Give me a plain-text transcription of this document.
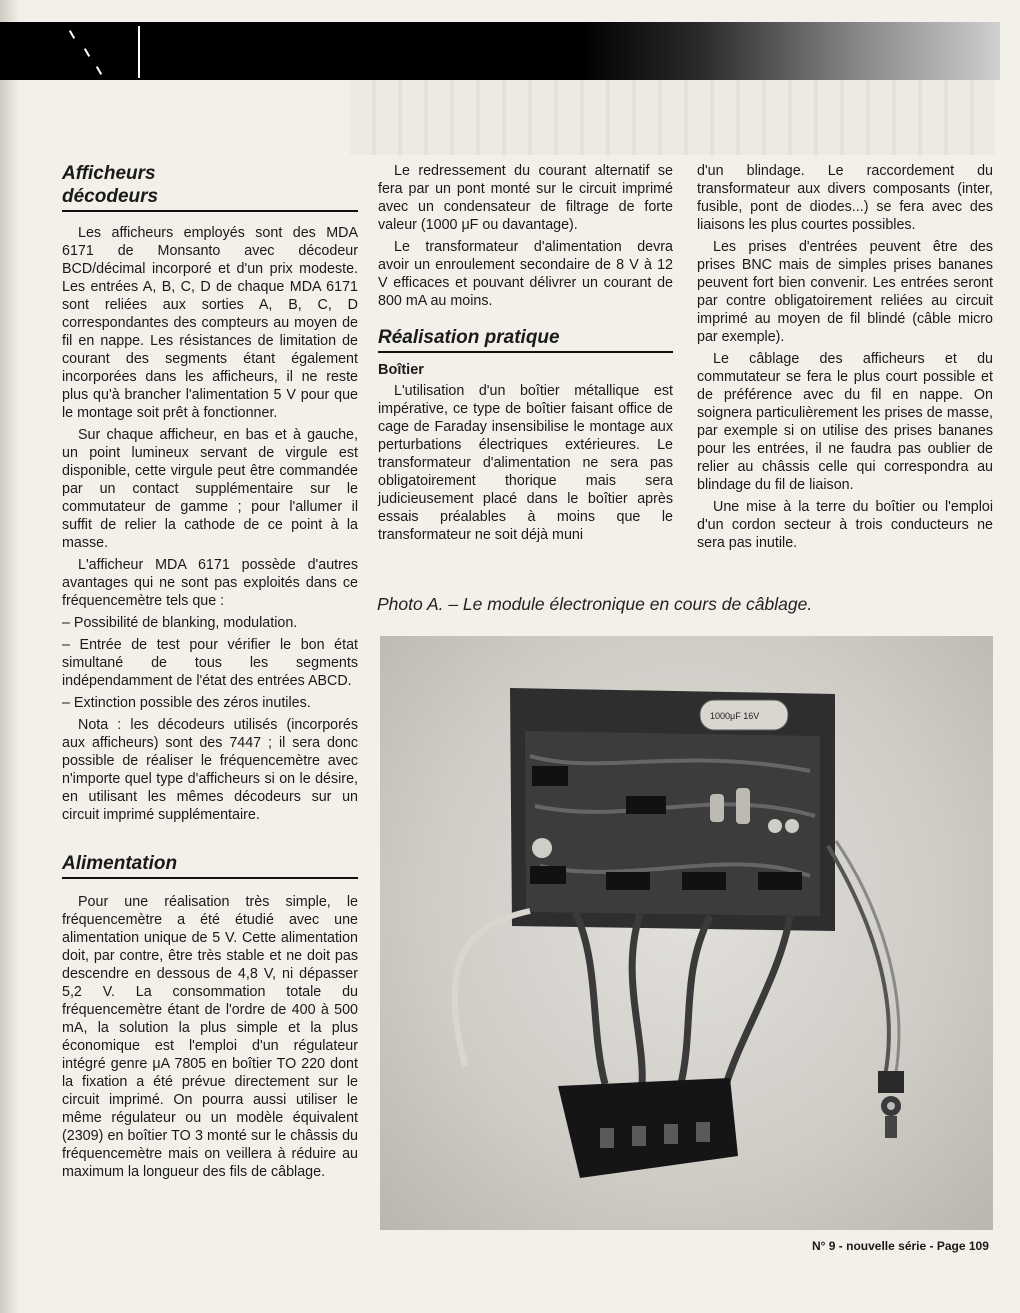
Afficheurs
décodeurs

Les afficheurs employés sont des MDA 6171 de Monsanto avec décodeur BCD/décimal incorporé et d'un prix modeste. Les entrées A, B, C, D de chaque MDA 6171 sont reliées aux sorties A, B, C, D correspondantes des compteurs au moyen de fil en nappe. Les résistances de limitation de courant des segments étant également incorporées dans les afficheurs, il ne reste plus qu'à brancher l'alimentation 5 V pour que le montage soit prêt à fonctionner.

Sur chaque afficheur, en bas et à gauche, un point lumineux servant de virgule est disponible, cette virgule peut être commandée par un contact supplémentaire sur le commutateur de gamme ; pour l'allumer il suffit de relier la cathode de ce point à la masse.

L'afficheur MDA 6171 possède d'autres avantages qui ne sont pas exploités dans ce fréquencemètre tels que :

– Possibilité de blanking, modulation.

– Entrée de test pour vérifier le bon état simultané de tous les segments indépendamment de l'état des entrées ABCD.

– Extinction possible des zéros inutiles.

Nota : les décodeurs utilisés (incorporés aux afficheurs) sont des 7447 ; il sera donc possible de réaliser le fréquencemètre avec n'importe quel type d'afficheurs si on le désire, en utilisant les mêmes décodeurs sur un circuit imprimé supplémentaire.

Alimentation

Pour une réalisation très simple, le fréquencemètre a été étudié avec une alimentation unique de 5 V. Cette alimentation doit, par contre, être très stable et ne doit pas descendre en dessous de 4,8 V, ni dépasser 5,2 V. La consommation totale du fréquencemètre étant de l'ordre de 400 à 500 mA, la solution la plus simple et la plus économique est l'emploi d'un régulateur intégré genre μA 7805 en boîtier TO 220 dont la fixation a été prévue directement sur le circuit imprimé. On pourra aussi utiliser le même régulateur ou un modèle équivalent (2309) en boîtier TO 3 monté sur le châssis du fréquencemètre mais on veillera à réduire au maximum la longueur des fils de câblage.

Le redressement du courant alternatif se fera par un pont monté sur le circuit imprimé avec un condensateur de filtrage de forte valeur (1000 μF ou davantage).

Le transformateur d'alimentation devra avoir un enroulement secondaire de 8 V à 12 V efficaces et pouvant délivrer un courant de 800 mA au moins.

Réalisation pratique
Boîtier

L'utilisation d'un boîtier métallique est impérative, ce type de boîtier faisant office de cage de Faraday insensibilise le montage aux perturbations électriques extérieures. Le transformateur d'alimentation ne sera pas obligatoirement thorique mais sera judicieusement placé dans le boîtier après essais préalables à moins que le transformateur ne soit déjà muni

d'un blindage. Le raccordement du transformateur aux divers composants (inter, fusible, pont de diodes...) se fera avec des liaisons les plus courtes possibles.

Les prises d'entrées peuvent être des prises BNC mais de simples prises bananes peuvent fort bien convenir. Les entrées seront par contre obligatoirement reliées au circuit imprimé au moyen de fil blindé (câble micro par exemple).

Le câblage des afficheurs et du commutateur se fera le plus court possible et de préférence avec du fil en nappe. On soignera particulièrement les prises de masse, par exemple si on utilise des prises bananes pour les entrées, il ne faudra pas oublier de relier au châssis celle qui correspondra au blindage du fil de liaison.

Une mise à la terre du boîtier ou l'emploi d'un cordon secteur à trois conducteurs ne sera pas inutile.

Photo A. – Le module électronique en cours de câblage.
1000μF 16V
N° 9 - nouvelle série - Page 109
